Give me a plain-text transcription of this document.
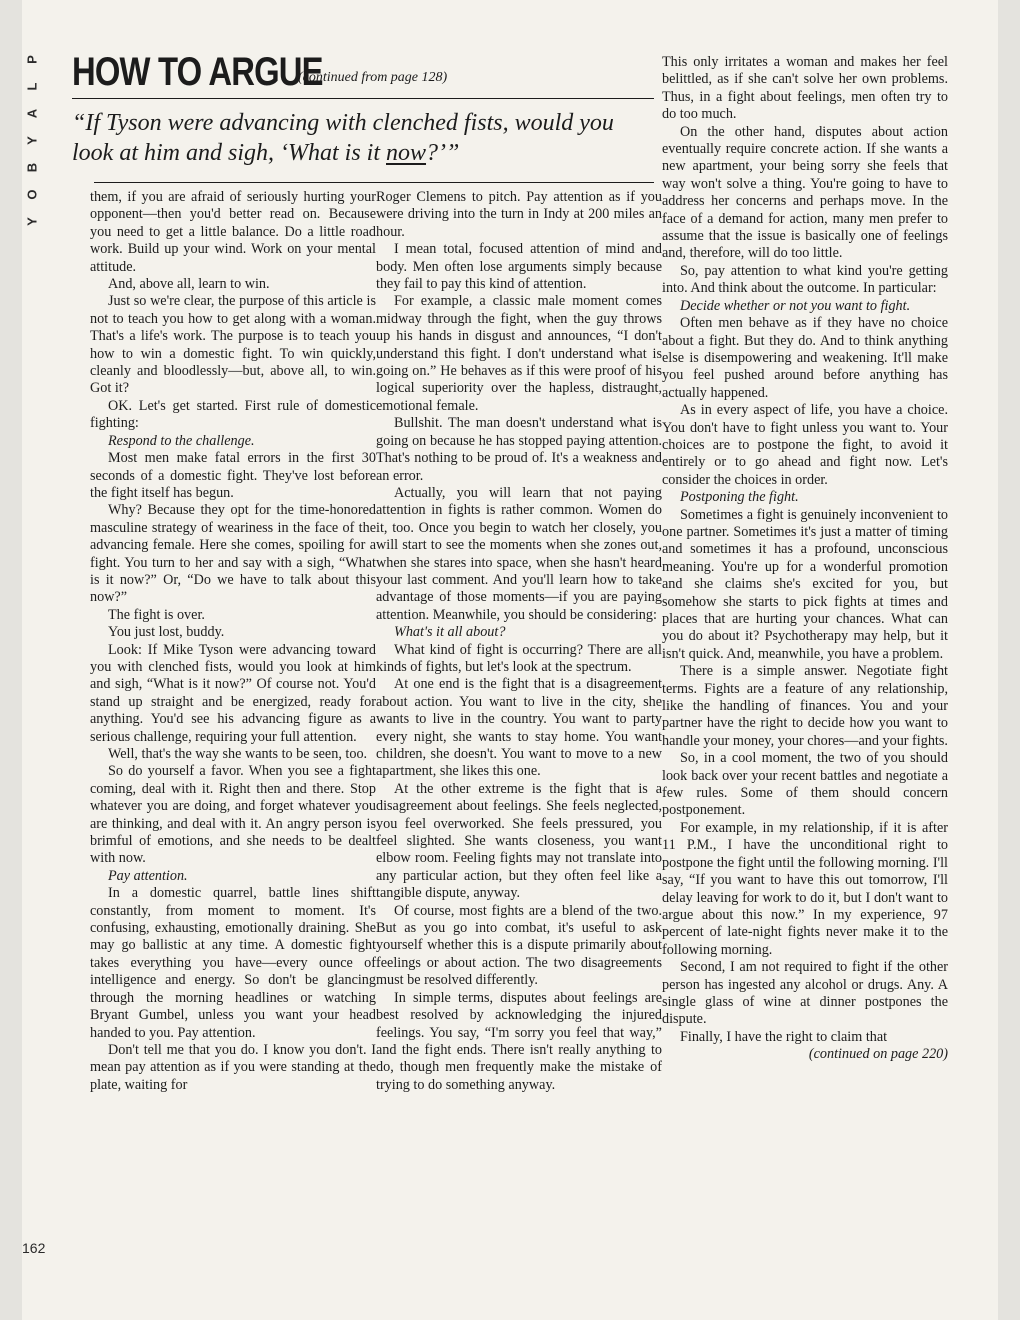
P
L
A
Y
B
O
Y
HOW TO ARGUE
(continued from page 128)

“If Tyson were advancing with clenched fists, would you look at him and sigh, ‘What is it now?’”

them, if you are afraid of seriously hurting your opponent—then you'd better read on. Because you need to get a little balance. Do a little road work. Build up your wind. Work on your mental attitude.

And, above all, learn to win.

Just so we're clear, the purpose of this article is not to teach you how to get along with a woman. That's a life's work. The purpose is to teach you how to win a domestic fight. To win quickly, cleanly and bloodlessly—but, above all, to win. Got it?

OK. Let's get started. First rule of domestic fighting:

Respond to the challenge.

Most men make fatal errors in the first 30 seconds of a domestic fight. They've lost before the fight itself has begun.

Why? Because they opt for the time-honored masculine strategy of weariness in the face of the advancing female. Here she comes, spoiling for a fight. You turn to her and say with a sigh, “What is it now?” Or, “Do we have to talk about this now?”

The fight is over.

You just lost, buddy.

Look: If Mike Tyson were advancing toward you with clenched fists, would you look at him and sigh, “What is it now?” Of course not. You'd stand up straight and be energized, ready for anything. You'd see his advancing figure as a serious challenge, requiring your full attention.

Well, that's the way she wants to be seen, too.

So do yourself a favor. When you see a fight coming, deal with it. Right then and there. Stop whatever you are doing, and forget whatever you are thinking, and deal with it. An angry person is brimful of emotions, and she needs to be dealt with now.

Pay attention.

In a domestic quarrel, battle lines shift constantly, from moment to moment. It's confusing, exhausting, emotionally draining. She may go ballistic at any time. A domestic fight takes everything you have—every ounce of intelligence and energy. So don't be glancing through the morning headlines or watching Bryant Gumbel, unless you want your head handed to you. Pay attention.

Don't tell me that you do. I know you don't. I mean pay attention as if you were standing at the plate, waiting for

Roger Clemens to pitch. Pay attention as if you were driving into the turn in Indy at 200 miles an hour.

I mean total, focused attention of mind and body. Men often lose arguments simply because they fail to pay this kind of attention.

For example, a classic male moment comes midway through the fight, when the guy throws up his hands in disgust and announces, “I don't understand this fight. I don't understand what is going on.” He behaves as if this were proof of his logical superiority over the hapless, distraught, emotional female.

Bullshit. The man doesn't understand what is going on because he has stopped paying attention. That's nothing to be proud of. It's a weakness and an error.

Actually, you will learn that not paying attention in fights is rather common. Women do it, too. Once you begin to watch her closely, you will start to see the moments when she zones out, when she stares into space, when she hasn't heard your last comment. And you'll learn how to take advantage of those moments—if you are paying attention. Meanwhile, you should be considering:

What's it all about?

What kind of fight is occurring? There are all kinds of fights, but let's look at the spectrum.

At one end is the fight that is a disagreement about action. You want to live in the city, she wants to live in the country. You want to party every night, she wants to stay home. You want children, she doesn't. You want to move to a new apartment, she likes this one.

At the other extreme is the fight that is a disagreement about feelings. She feels neglected, you feel overworked. She feels pressured, you feel slighted. She wants closeness, you want elbow room. Feeling fights may not translate into any particular action, but they often feel like a tangible dispute, anyway.

Of course, most fights are a blend of the two. But as you go into combat, it's useful to ask yourself whether this is a dispute primarily about feelings or about action. The two disagreements must be resolved differently.

In simple terms, disputes about feelings are best resolved by acknowledging the injured feelings. You say, “I'm sorry you feel that way,” and the fight ends. There isn't really anything to do, though men frequently make the mistake of trying to do something anyway.

This only irritates a woman and makes her feel belittled, as if she can't solve her own problems. Thus, in a fight about feelings, men often try to do too much.

On the other hand, disputes about action eventually require concrete action. If she wants a new apartment, your being sorry she feels that way won't solve a thing. You're going to have to address her concerns and perhaps move. In the face of a demand for action, many men prefer to assume that the issue is basically one of feelings and, therefore, will do too little.

So, pay attention to what kind you're getting into. And think about the outcome. In particular:

Decide whether or not you want to fight.

Often men behave as if they have no choice about a fight. But they do. And to think anything else is disempowering and weakening. It'll make you feel pushed around before anything has actually happened.

As in every aspect of life, you have a choice. You don't have to fight unless you want to. Your choices are to postpone the fight, to avoid it entirely or to go ahead and fight now. Let's consider the choices in order.

Postponing the fight.

Sometimes a fight is genuinely inconvenient to one partner. Sometimes it's just a matter of timing and sometimes it has a profound, unconscious meaning. You're up for a wonderful promotion and she claims she's excited for you, but somehow she starts to pick fights at times and places that are hurting your chances. What can you do about it? Psychotherapy may help, but it isn't quick. And, meanwhile, you have a problem.

There is a simple answer. Negotiate fight terms. Fights are a feature of any relationship, like the handling of finances. You and your partner have the right to decide how you want to handle your money, your chores—and your fights.

So, in a cool moment, the two of you should look back over your recent battles and negotiate a few rules. Some of them should concern postponement.

For example, in my relationship, if it is after 11 P.M., I have the unconditional right to postpone the fight until the following morning. I'll say, “If you want to have this out tomorrow, I'll delay leaving for work to do it, but I don't want to argue about this now.” In my experience, 97 percent of late-night fights never make it to the following morning.

Second, I am not required to fight if the other person has ingested any alcohol or drugs. Any. A single glass of wine at dinner postpones the dispute.

Finally, I have the right to claim that

(continued on page 220)

162
